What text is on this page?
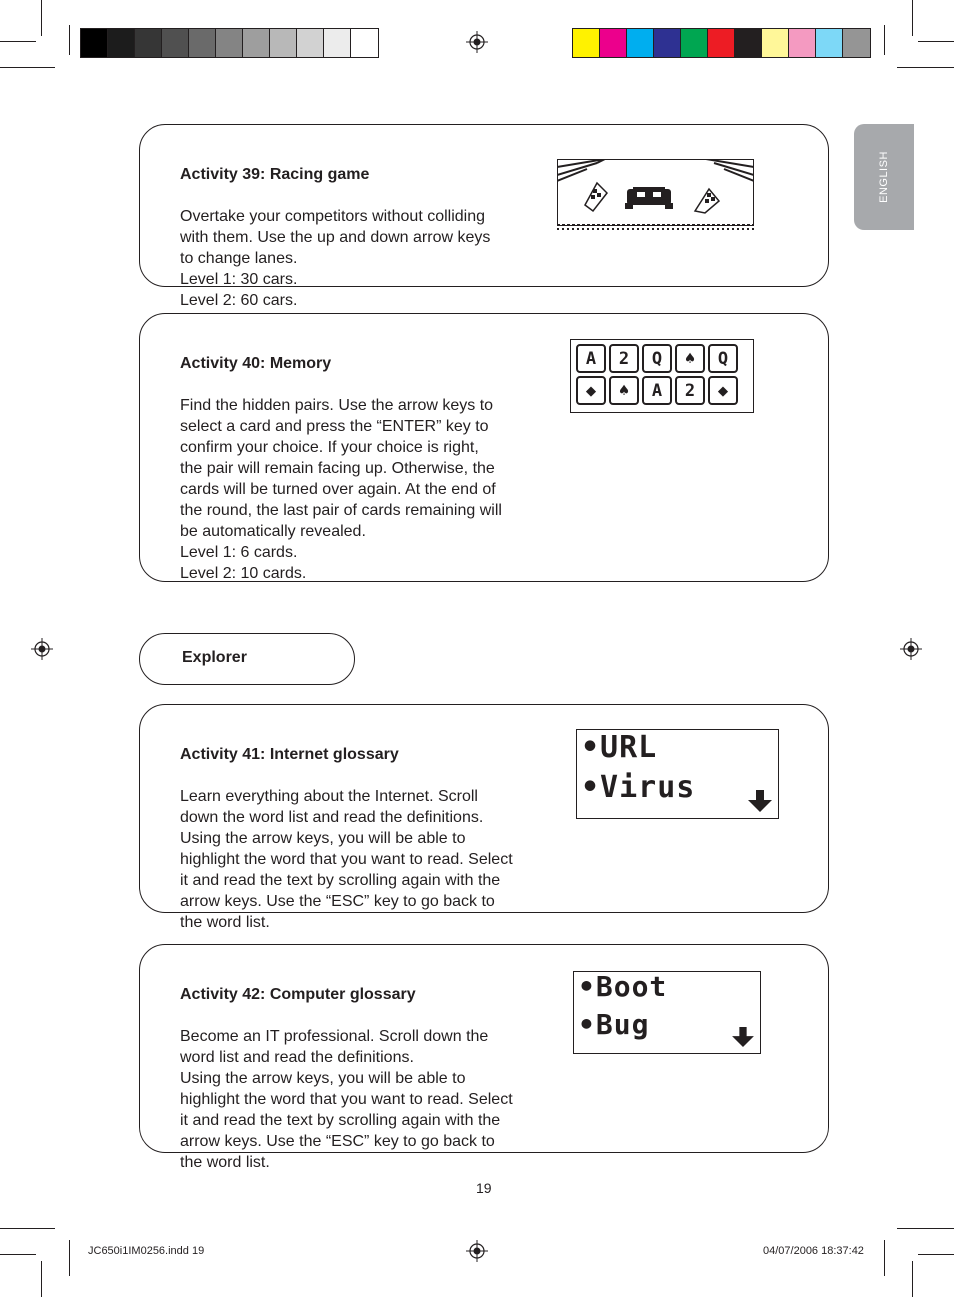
ENGLISH

Activity 39: Racing game

Overtake your competitors without colliding
with them. Use the up and down arrow keys
to change lanes.
Level 1: 30 cars.
Level 2: 60 cars.

Activity 40: Memory

Find the hidden pairs. Use the arrow keys to
select a card and press the “ENTER” key to
confirm your choice. If your choice is right,
the pair will remain facing up. Otherwise, the
cards will be turned over again. At the end of
the round, the last pair of cards remaining will
be automatically revealed.
Level 1: 6 cards.
Level 2: 10 cards.

A	2	Q	♠	Q
◆	♠	A	2	◆
Explorer

Activity 41: Internet glossary

Learn everything about the Internet. Scroll
down the word list and read the definitions.
Using the arrow keys, you will be able to
highlight the word that you want to read. Select
it and read the text by scrolling again with the
arrow keys. Use the “ESC” key to go back to
the word list.

•URL
•Virus

Activity 42: Computer glossary

Become an IT professional. Scroll down the
word list and read the definitions.
Using the arrow keys, you will be able to
highlight the word that you want to read. Select
it and read the text by scrolling again with the
arrow keys. Use the “ESC” key to go back to
the word list.

•Boot
•Bug
19
JC650i1IM0256.indd 19	04/07/2006 18:37:42
